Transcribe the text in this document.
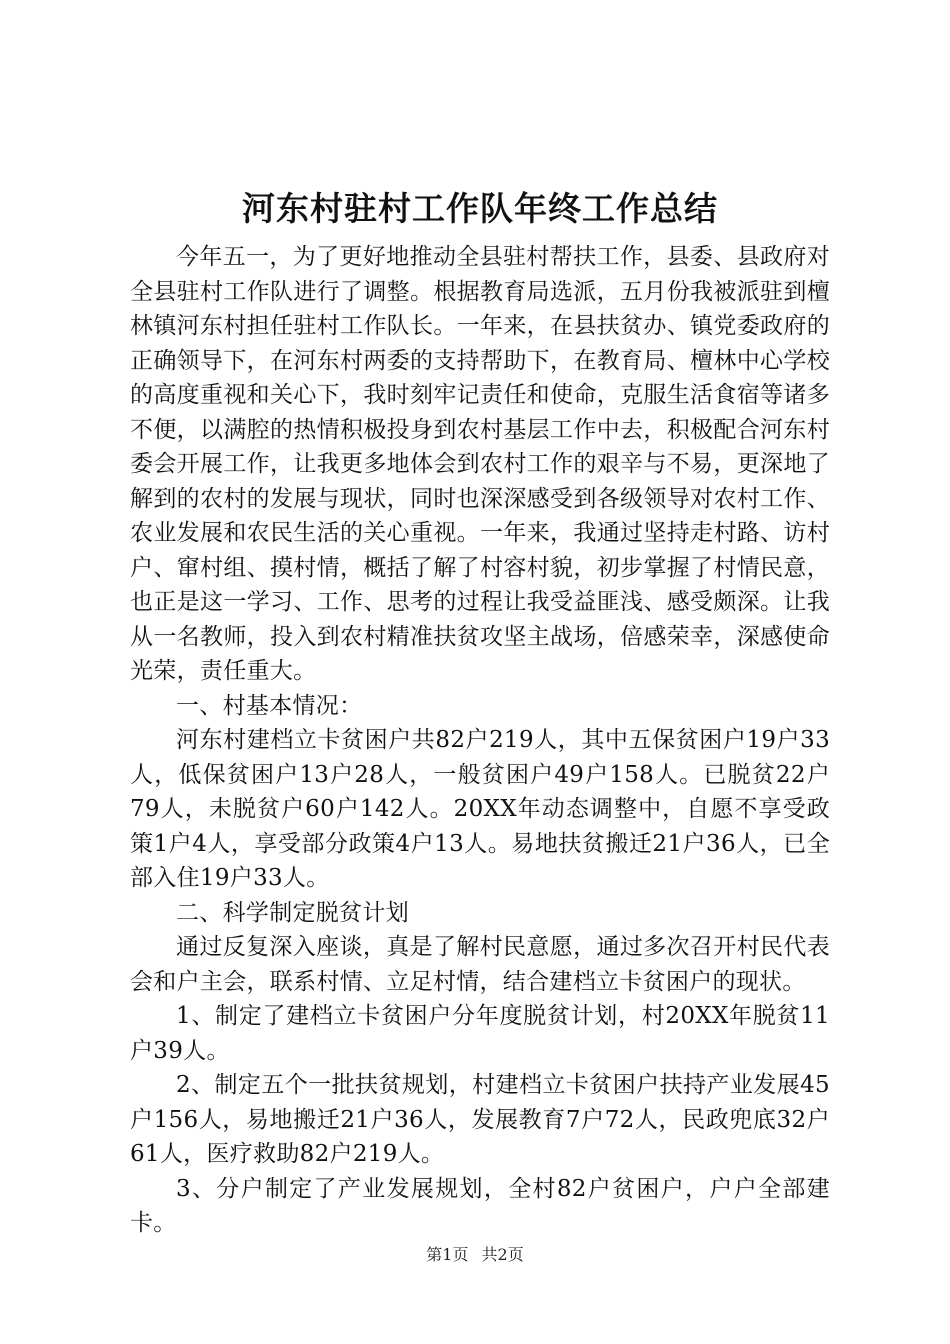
河东村驻村工作队年终工作总结

今年五一，为了更好地推动全县驻村帮扶工作，县委、县政府对全县驻村工作队进行了调整。根据教育局选派，五月份我被派驻到檀林镇河东村担任驻村工作队长。一年来，在县扶贫办、镇党委政府的正确领导下，在河东村两委的支持帮助下，在教育局、檀林中心学校的高度重视和关心下，我时刻牢记责任和使命，克服生活食宿等诸多不便，以满腔的热情积极投身到农村基层工作中去，积极配合河东村委会开展工作，让我更多地体会到农村工作的艰辛与不易，更深地了解到的农村的发展与现状，同时也深深感受到各级领导对农村工作、农业发展和农民生活的关心重视。一年来，我通过坚持走村路、访村户、窜村组、摸村情，概括了解了村容村貌，初步掌握了村情民意，也正是这一学习、工作、思考的过程让我受益匪浅、感受颇深。让我从一名教师，投入到农村精准扶贫攻坚主战场，倍感荣幸，深感使命光荣，责任重大。

一、村基本情况：

河东村建档立卡贫困户共82户219人，其中五保贫困户19户33人，低保贫困户13户28人，一般贫困户49户158人。已脱贫22户79人，未脱贫户60户142人。20XX年动态调整中，自愿不享受政策1户4人，享受部分政策4户13人。易地扶贫搬迁21户36人，已全部入住19户33人。

二、科学制定脱贫计划

通过反复深入座谈，真是了解村民意愿，通过多次召开村民代表会和户主会，联系村情、立足村情，结合建档立卡贫困户的现状。

1、制定了建档立卡贫困户分年度脱贫计划，村20XX年脱贫11户39人。

2、制定五个一批扶贫规划，村建档立卡贫困户扶持产业发展45户156人，易地搬迁21户36人，发展教育7户72人，民政兜底32户61人，医疗救助82户219人。

3、分户制定了产业发展规划，全村82户贫困户，户户全部建卡。

第1页 共2页
